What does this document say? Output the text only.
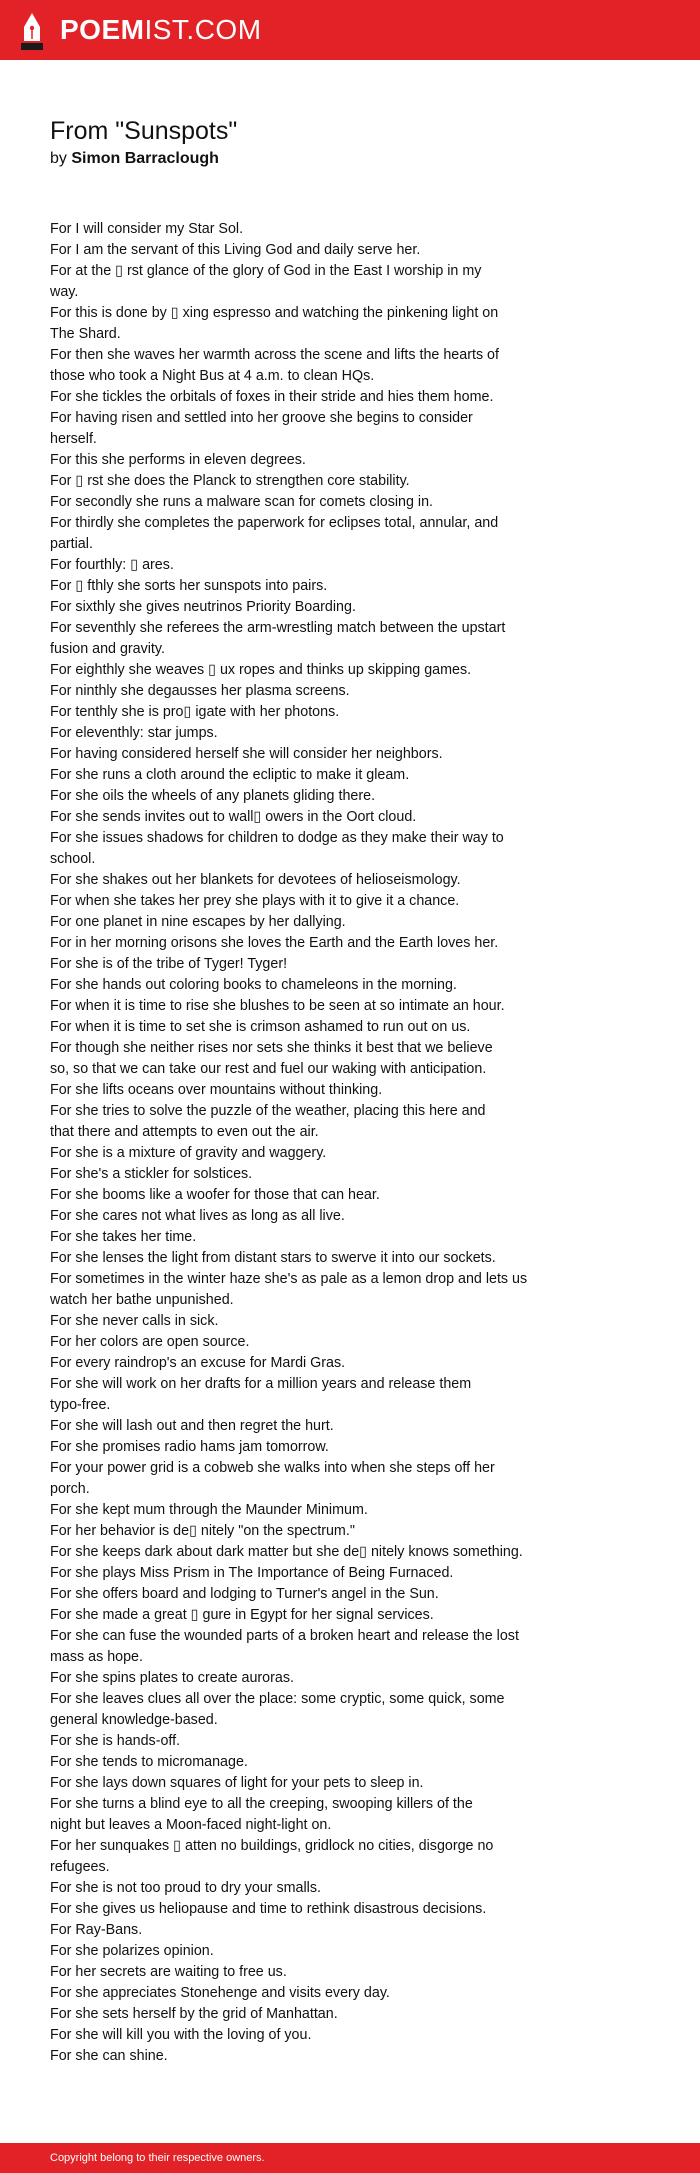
POEMIST.COM
From "Sunspots"
by Simon Barraclough
For I will consider my Star Sol.
For I am the servant of this Living God and daily serve her.
For at the ▯ rst glance of the glory of God in the East I worship in my
way.
For this is done by ▯ xing espresso and watching the pinkening light on
The Shard.
For then she waves her warmth across the scene and lifts the hearts of
those who took a Night Bus at 4 a.m. to clean HQs.
For she tickles the orbitals of foxes in their stride and hies them home.
For having risen and settled into her groove she begins to consider
herself.
For this she performs in eleven degrees.
For ▯ rst she does the Planck to strengthen core stability.
For secondly she runs a malware scan for comets closing in.
For thirdly she completes the paperwork for eclipses total, annular, and
partial.
For fourthly: ▯ ares.
For ▯ fthly she sorts her sunspots into pairs.
For sixthly she gives neutrinos Priority Boarding.
For seventhly she referees the arm-wrestling match between the upstart
fusion and gravity.
For eighthly she weaves ▯ ux ropes and thinks up skipping games.
For ninthly she degausses her plasma screens.
For tenthly she is pro▯ igate with her photons.
For eleventhly: star jumps.
For having considered herself she will consider her neighbors.
For she runs a cloth around the ecliptic to make it gleam.
For she oils the wheels of any planets gliding there.
For she sends invites out to wall▯ owers in the Oort cloud.
For she issues shadows for children to dodge as they make their way to
school.
For she shakes out her blankets for devotees of helioseismology.
For when she takes her prey she plays with it to give it a chance.
For one planet in nine escapes by her dallying.
For in her morning orisons she loves the Earth and the Earth loves her.
For she is of the tribe of Tyger! Tyger!
For she hands out coloring books to chameleons in the morning.
For when it is time to rise she blushes to be seen at so intimate an hour.
For when it is time to set she is crimson ashamed to run out on us.
For though she neither rises nor sets she thinks it best that we believe
so, so that we can take our rest and fuel our waking with anticipation.
For she lifts oceans over mountains without thinking.
For she tries to solve the puzzle of the weather, placing this here and
that there and attempts to even out the air.
For she is a mixture of gravity and waggery.
For she's a stickler for solstices.
For she booms like a woofer for those that can hear.
For she cares not what lives as long as all live.
For she takes her time.
For she lenses the light from distant stars to swerve it into our sockets.
For sometimes in the winter haze she's as pale as a lemon drop and lets us
watch her bathe unpunished.
For she never calls in sick.
For her colors are open source.
For every raindrop's an excuse for Mardi Gras.
For she will work on her drafts for a million years and release them
typo-free.
For she will lash out and then regret the hurt.
For she promises radio hams jam tomorrow.
For your power grid is a cobweb she walks into when she steps off her
porch.
For she kept mum through the Maunder Minimum.
For her behavior is de▯ nitely "on the spectrum."
For she keeps dark about dark matter but she de▯ nitely knows something.
For she plays Miss Prism in The Importance of Being Furnaced.
For she offers board and lodging to Turner's angel in the Sun.
For she made a great ▯ gure in Egypt for her signal services.
For she can fuse the wounded parts of a broken heart and release the lost
mass as hope.
For she spins plates to create auroras.
For she leaves clues all over the place: some cryptic, some quick, some
general knowledge-based.
For she is hands-off.
For she tends to micromanage.
For she lays down squares of light for your pets to sleep in.
For she turns a blind eye to all the creeping, swooping killers of the
night but leaves a Moon-faced night-light on.
For her sunquakes ▯ atten no buildings, gridlock no cities, disgorge no
refugees.
For she is not too proud to dry your smalls.
For she gives us heliopause and time to rethink disastrous decisions.
For Ray-Bans.
For she polarizes opinion.
For her secrets are waiting to free us.
For she appreciates Stonehenge and visits every day.
For she sets herself by the grid of Manhattan.
For she will kill you with the loving of you.
For she can shine.
Copyright belong to their respective owners.
